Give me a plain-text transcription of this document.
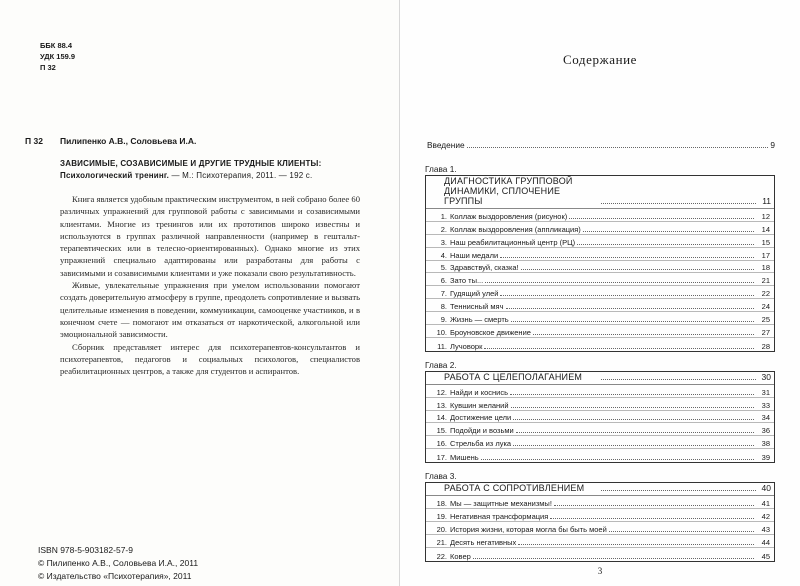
ББК 88.4
УДК 159.9
П 32
П 32 Пилипенко А.В., Соловьева И.А.
ЗАВИСИМЫЕ, СОЗАВИСИМЫЕ И ДРУГИЕ ТРУДНЫЕ КЛИЕНТЫ: Психологический тренинг. — М.: Психотерапия, 2011. — 192 с.

Книга является удобным практическим инструментом, в ней собрано более 60 различных упражнений для групповой работы с зависимыми и созависимыми клиентами. Многие из тренингов или их прототипов широко известны и используются в группах различной направленности (например в гештальт-терапевтических или в телесно-ориентированных). Однако многие из этих упражнений специально адаптированы или разработаны для работы с зависимыми и созависимыми клиентами и уже показали свою результативность.

Живые, увлекательные упражнения при умелом использовании помогают создать доверительную атмосферу в группе, преодолеть сопротивление и вызвать целительные изменения в поведении, коммуникации, самооценке участников, и в конечном счете — помогают им отказаться от наркотической, алкогольной или эмоциональной зависимости.

Сборник представляет интерес для психотерапевтов-консультантов и психотерапевтов, педагогов и социальных психологов, специалистов реабилитационных центров, а также для студентов и аспирантов.

ISBN 978-5-903182-57-9
© Пилипенко А.В., Соловьева И.А., 2011
© Издательство «Психотерапия», 2011
Содержание
Введение	9
Глава 1.
ДИАГНОСТИКА ГРУППОВОЙ ДИНАМИКИ, СПЛОЧЕНИЕ ГРУППЫ	11
1. Коллаж выздоровления (рисунок)	12
2. Коллаж выздоровления (аппликация)	14
3. Наш реабилитационный центр (РЦ)	15
4. Наши медали	17
5. Здравствуй, сказка!	18
6. Зато ты...	21
7. Гудящий улей	22
8. Теннисный мяч	24
9. Жизнь — смерть	25
10. Броуновское движение	27
11. Лучоворк	28
Глава 2.
РАБОТА С ЦЕЛЕПОЛАГАНИЕМ	30
12. Найди и коснись	31
13. Кувшин желаний	33
14. Достижение цели	34
15. Подойди и возьми	36
16. Стрельба из лука	38
17. Мишень	39
Глава 3.
РАБОТА С СОПРОТИВЛЕНИЕМ	40
18. Мы — защитные механизмы!	41
19. Негативная трансформация	42
20. История жизни, которая могла бы быть моей	43
21. Десять негативных	44
22. Ковер	45
3
